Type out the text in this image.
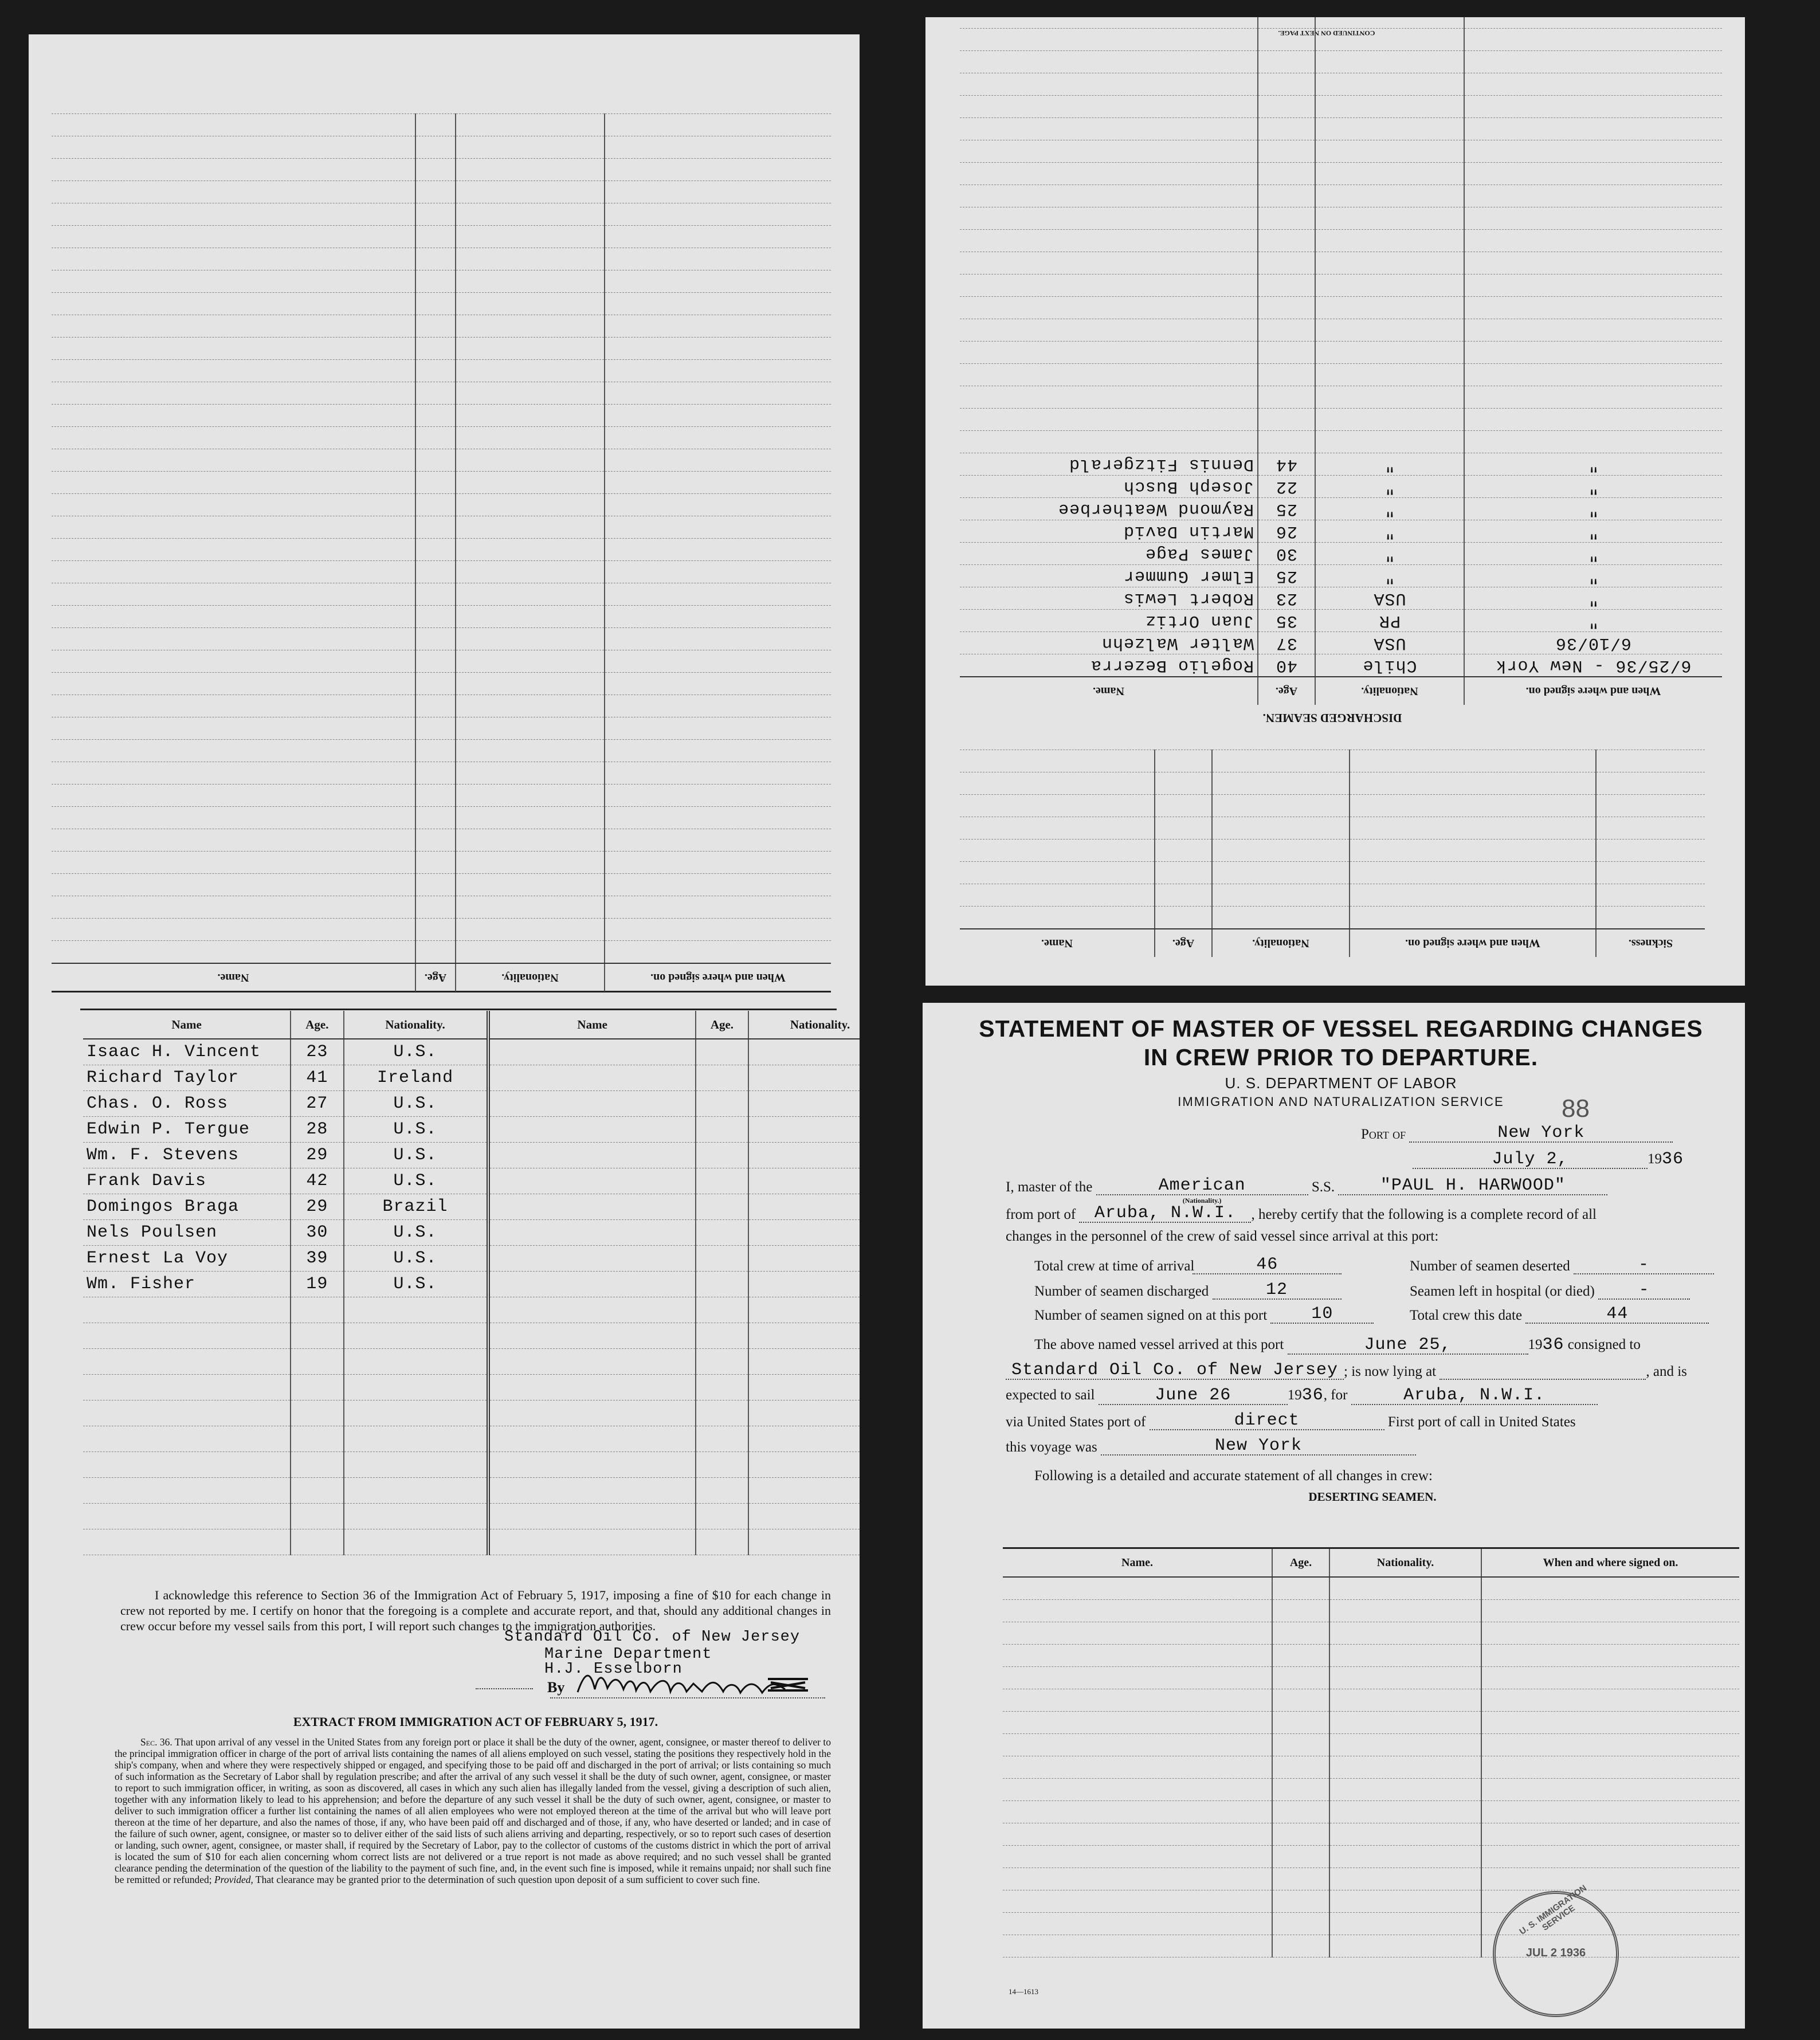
When and where signed on.	Nationality.	Age.	Name.

CONTINUED ON NEXT PAGE.
Sickness.	When and where signed on.	Nationality.	Age.	Name.

DISCHARGED SEAMEN.
When and where signed on.	Nationality.	Age.	Name.
6/25/36 - New York	Chile	40	Rogelio Bezerra
6/10/36	USA	37	Walter Walzehn
"	PR	35	Juan Ortiz
"	USA	23	Robert Lewis
"	"	25	Elmer Gummer
"	"	30	James Page
"	"	26	Martin David
"	"	25	Raymond Weatherbee
"	"	22	Joseph Busch
"	"	44	Dennis Fitzgerald

Name	Age.	Nationality.	Name	Age.	Nationality.
Isaac H. Vincent	23	U.S.			
Richard Taylor	41	Ireland			
Chas. O. Ross	27	U.S.			
Edwin P. Tergue	28	U.S.			
Wm. F. Stevens	29	U.S.			
Frank Davis	42	U.S.			
Domingos Braga	29	Brazil			
Nels Poulsen	30	U.S.			
Ernest La Voy	39	U.S.			
Wm. Fisher	19	U.S.			

I acknowledge this reference to Section 36 of the Immigration Act of February 5, 1917, imposing a fine of $10 for each change in crew not reported by me. I certify on honor that the foregoing is a complete and accurate report, and that, should any additional changes in crew occur before my vessel sails from this port, I will report such changes to the immigration authorities.
Standard Oil Co. of New Jersey
Marine Department
H.J. Esselborn
By
EXTRACT FROM IMMIGRATION ACT OF FEBRUARY 5, 1917.
Sec. 36. That upon arrival of any vessel in the United States from any foreign port or place it shall be the duty of the owner, agent, consignee, or master thereof to deliver to the principal immigration officer in charge of the port of arrival lists containing the names of all aliens employed on such vessel, stating the positions they respectively hold in the ship's company, when and where they were respectively shipped or engaged, and specifying those to be paid off and discharged in the port of arrival; or lists containing so much of such information as the Secretary of Labor shall by regulation prescribe; and after the arrival of any such vessel it shall be the duty of such owner, agent, consignee, or master to report to such immigration officer, in writing, as soon as discovered, all cases in which any such alien has illegally landed from the vessel, giving a description of such alien, together with any information likely to lead to his apprehension; and before the departure of any such vessel it shall be the duty of such owner, agent, consignee, or master to deliver to such immigration officer a further list containing the names of all alien employees who were not employed thereon at the time of the arrival but who will leave port thereon at the time of her departure, and also the names of those, if any, who have been paid off and discharged and of those, if any, who have deserted or landed; and in case of the failure of such owner, agent, consignee, or master so to deliver either of the said lists of such aliens arriving and departing, respectively, or so to report such cases of desertion or landing, such owner, agent, consignee, or master shall, if required by the Secretary of Labor, pay to the collector of customs of the customs district in which the port of arrival is located the sum of $10 for each alien concerning whom correct lists are not delivered or a true report is not made as above required; and no such vessel shall be granted clearance pending the determination of the question of the liability to the payment of such fine, and, in the event such fine is imposed, while it remains unpaid; nor shall such fine be remitted or refunded; Provided, That clearance may be granted prior to the determination of such question upon deposit of a sum sufficient to cover such fine.
STATEMENT OF MASTER OF VESSEL REGARDING CHANGES
IN CREW PRIOR TO DEPARTURE.
U. S. DEPARTMENT OF LABOR
IMMIGRATION AND NATURALIZATION SERVICE	88
Port of	New York
July 2,	1936
I, master of the	American
(Nationality.)
S.S.	"PAUL H. HARWOOD"
from port of Aruba, N.W.I. , hereby certify that the following is a complete record of all
changes in the personnel of the crew of said vessel since arrival at this port:
Total crew at time of arrival	46	Number of seamen deserted	-
Number of seamen discharged	12	Seamen left in hospital (or died)	-
Number of seamen signed on at this port	10	Total crew this date	44
The above named vessel arrived at this port	June 25,	1936 consigned to
Standard Oil Co. of New Jersey ; is now lying at	, and is
expected to sail	June 26	1936, for	Aruba, N.W.I.
via United States port of	direct	First port of call in United States
this voyage was	New York
Following is a detailed and accurate statement of all changes in crew:
DESERTING SEAMEN.
Name.	Age.	Nationality.	When and where signed on.

U. S. IMMIGRATION SERVICE
JUL 2 1936
14—1613
